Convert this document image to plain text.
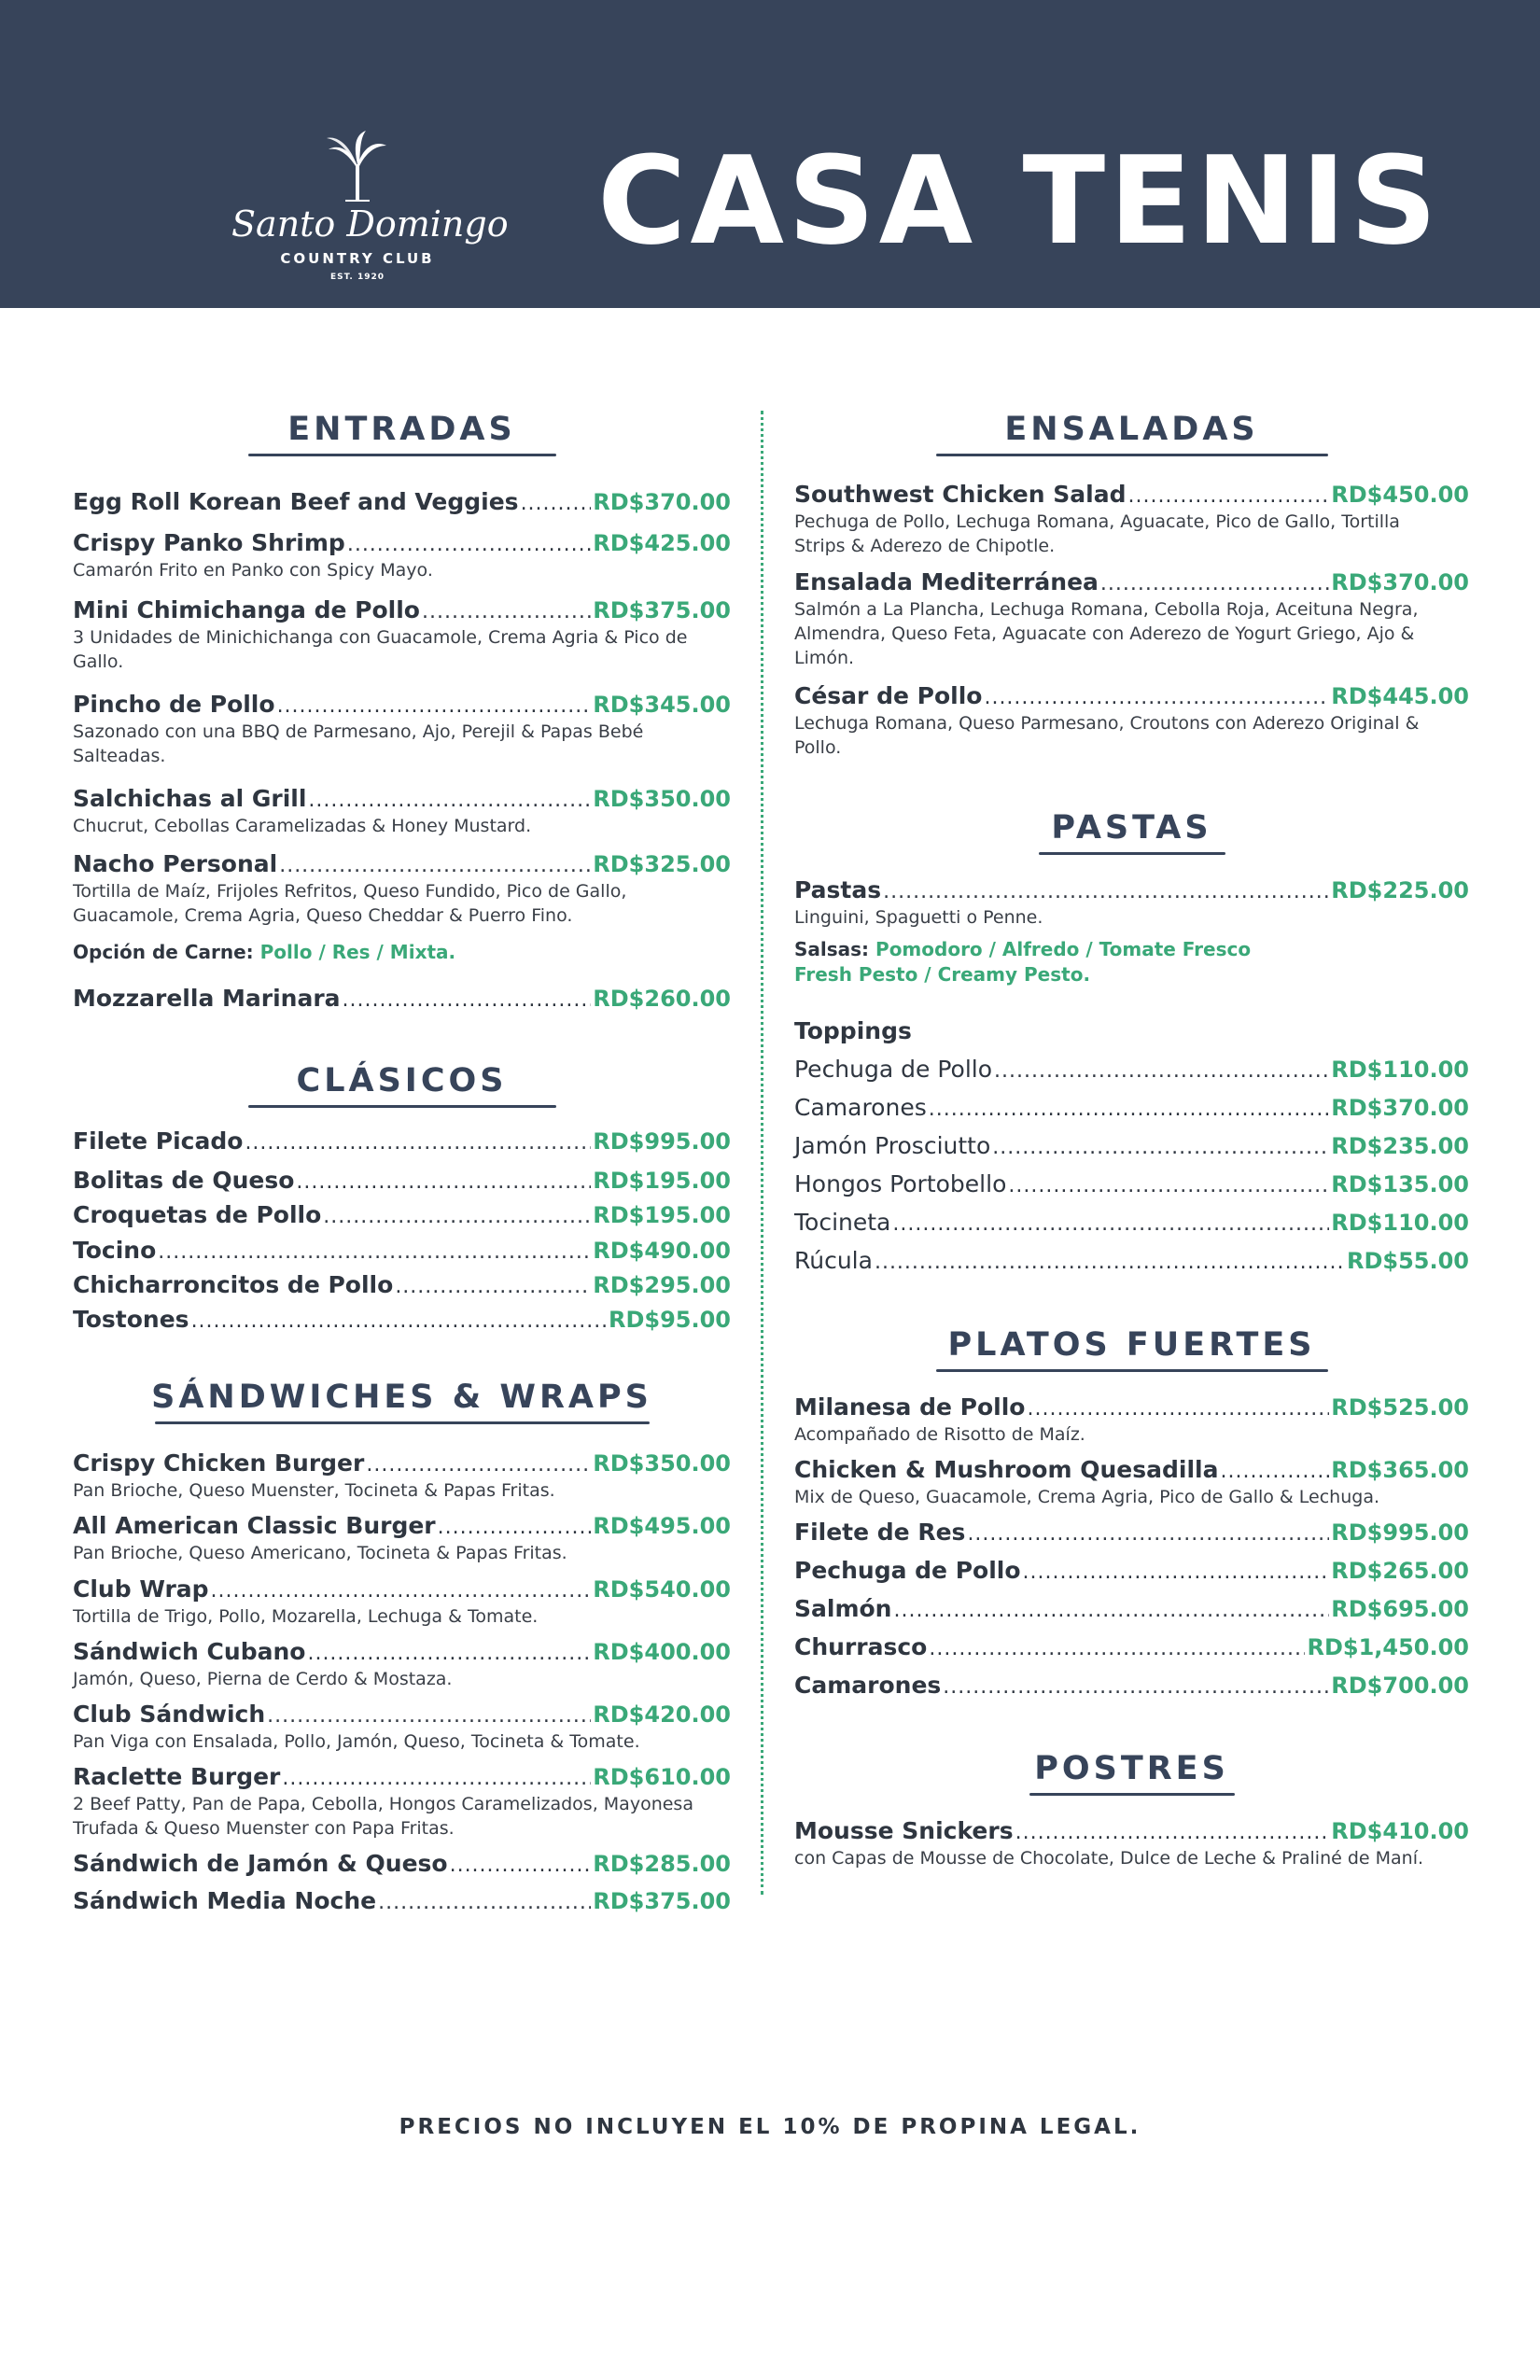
Santo Domingo
COUNTRY CLUB
EST. 1920
CASA TENIS
ENTRADAS
Egg Roll Korean Beef and Veggies .....	RD$370.00
Crispy Panko Shrimp .....	RD$425.00
Camarón Frito en Panko con Spicy Mayo.
Mini Chimichanga de Pollo .....	RD$375.00
3 Unidades de Minichichanga con Guacamole, Crema Agria & Pico de Gallo.
Pincho de Pollo .....	RD$345.00
Sazonado con una BBQ de Parmesano, Ajo, Perejil & Papas Bebé Salteadas.
Salchichas al Grill .....	RD$350.00
Chucrut, Cebollas Caramelizadas & Honey Mustard.
Nacho Personal .....	RD$325.00
Tortilla de Maíz, Frijoles Refritos, Queso Fundido, Pico de Gallo, Guacamole, Crema Agria, Queso Cheddar & Puerro Fino.
Opción de Carne: Pollo / Res / Mixta.
Mozzarella Marinara .....	RD$260.00
CLÁSICOS
Filete Picado .....	RD$995.00
Bolitas de Queso .....	RD$195.00
Croquetas de Pollo .....	RD$195.00
Tocino .....	RD$490.00
Chicharroncitos de Pollo .....	RD$295.00
Tostones .....	RD$95.00
SÁNDWICHES & WRAPS
Crispy Chicken Burger .....	RD$350.00
Pan Brioche, Queso Muenster, Tocineta & Papas Fritas.
All American Classic Burger .....	RD$495.00
Pan Brioche, Queso Americano, Tocineta & Papas Fritas.
Club Wrap .....	RD$540.00
Tortilla de Trigo, Pollo, Mozarella, Lechuga & Tomate.
Sándwich Cubano .....	RD$400.00
Jamón, Queso, Pierna de Cerdo & Mostaza.
Club Sándwich .....	RD$420.00
Pan Viga con Ensalada, Pollo, Jamón, Queso, Tocineta & Tomate.
Raclette Burger .....	RD$610.00
2 Beef Patty, Pan de Papa, Cebolla, Hongos Caramelizados, Mayonesa Trufada & Queso Muenster con Papa Fritas.
Sándwich de Jamón & Queso .....	RD$285.00
Sándwich Media Noche .....	RD$375.00
ENSALADAS
Southwest Chicken Salad .....	RD$450.00
Pechuga de Pollo, Lechuga Romana, Aguacate, Pico de Gallo, Tortilla Strips & Aderezo de Chipotle.
Ensalada Mediterránea .....	RD$370.00
Salmón a La Plancha, Lechuga Romana, Cebolla Roja, Aceituna Negra, Almendra, Queso Feta, Aguacate con Aderezo de Yogurt Griego, Ajo & Limón.
César de Pollo .....	RD$445.00
Lechuga Romana, Queso Parmesano, Croutons con Aderezo Original & Pollo.
PASTAS
Pastas .....	RD$225.00
Linguini, Spaguetti o Penne.
Salsas: Pomodoro / Alfredo / Tomate Fresco
Fresh Pesto / Creamy Pesto.
Toppings
Pechuga de Pollo .....	RD$110.00
Camarones .....	RD$370.00
Jamón Prosciutto .....	RD$235.00
Hongos Portobello .....	RD$135.00
Tocineta .....	RD$110.00
Rúcula .....	RD$55.00
PLATOS FUERTES
Milanesa de Pollo .....	RD$525.00
Acompañado de Risotto de Maíz.
Chicken & Mushroom Quesadilla .....	RD$365.00
Mix de Queso, Guacamole, Crema Agria, Pico de Gallo & Lechuga.
Filete de Res .....	RD$995.00
Pechuga de Pollo .....	RD$265.00
Salmón .....	RD$695.00
Churrasco .....	RD$1,450.00
Camarones .....	RD$700.00
POSTRES
Mousse Snickers .....	RD$410.00
con Capas de Mousse de Chocolate, Dulce de Leche & Praliné de Maní.
PRECIOS NO INCLUYEN EL 10% DE PROPINA LEGAL.
